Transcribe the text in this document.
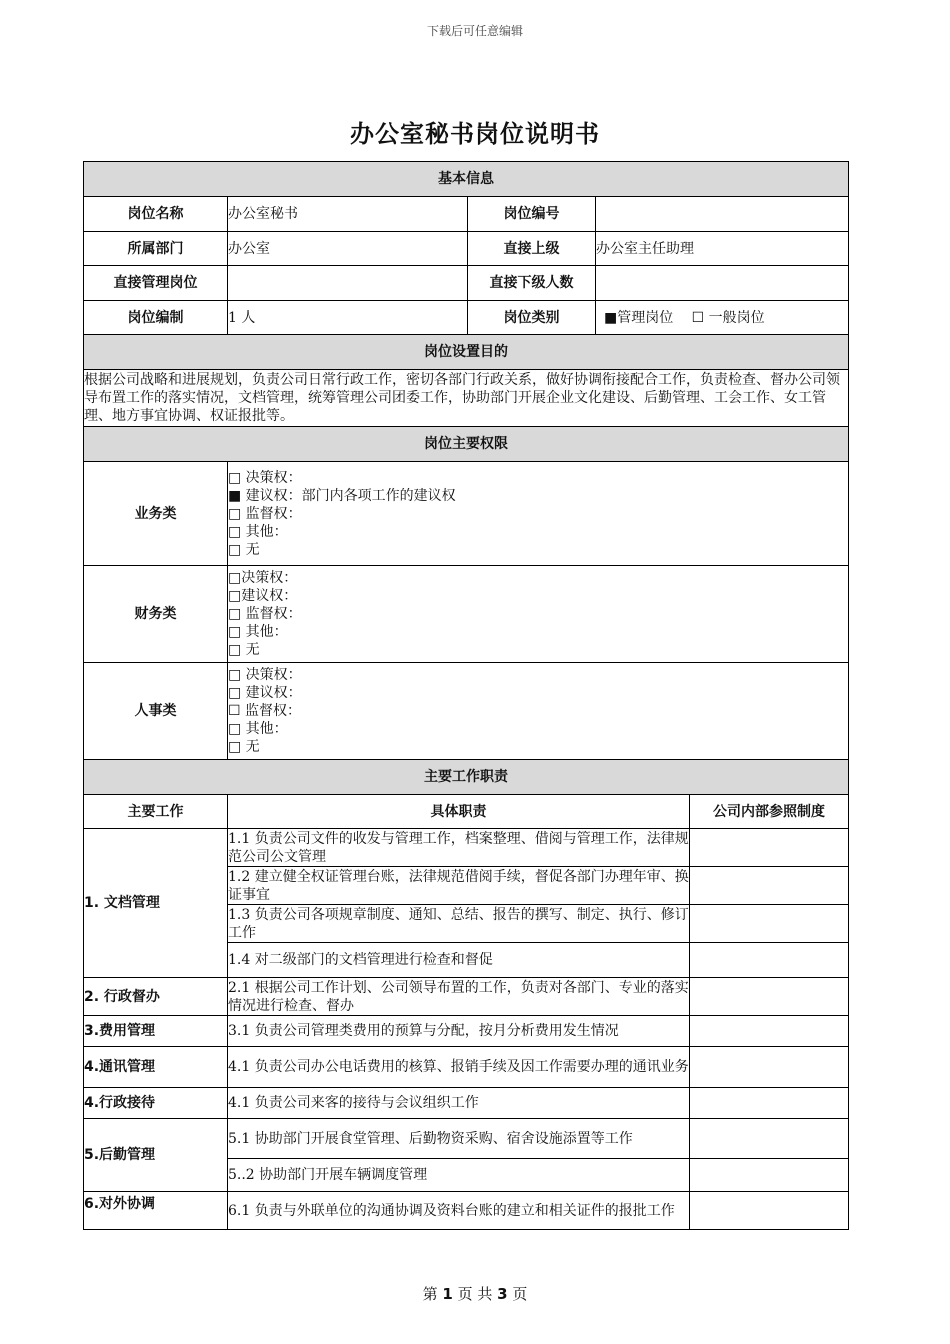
下载后可任意编辑
办公室秘书岗位说明书
基本信息				
岗位名称	办公室秘书	岗位编号		
所属部门	办公室	直接上级	办公室主任助理	
直接管理岗位		直接下级人数		
岗位编制	1 人	岗位类别	■管理岗位　 ☐ 一般岗位	
岗位设置目的				
根据公司战略和进展规划，负责公司日常行政工作，密切各部门行政关系，做好协调衔接配合工作，负责检查、督办公司领导布置工作的落实情况，文档管理，统筹管理公司团委工作，协助部门开展企业文化建设、后勤管理、工会工作、女工管理、地方事宜协调、权证报批等。				
岗位主要权限				
业务类	□ 决策权：
■ 建议权：部门内各项工作的建议权
□ 监督权：
□ 其他：
□ 无			

财务类	□决策权：
□建议权：
□ 监督权：
□ 其他：
□ 无			

人事类	□ 决策权：
□ 建议权：
☐ 监督权：
□ 其他：
□ 无			

主要工作职责				
主要工作	具体职责			公司内部参照制度
1. 文档管理	1.1 负责公司文件的收发与管理工作，档案整理、借阅与管理工作，法律规范公司公文管理			
	1.2 建立健全权证管理台账，法律规范借阅手续，督促各部门办理年审、换证事宜			
	1.3 负责公司各项规章制度、通知、总结、报告的撰写、制定、执行、修订工作			
	1.4 对二级部门的文档管理进行检查和督促			
2. 行政督办	2.1 根据公司工作计划、公司领导布置的工作，负责对各部门、专业的落实情况进行检查、督办			
3.费用管理	3.1 负责公司管理类费用的预算与分配，按月分析费用发生情况			
4.通讯管理	4.1 负责公司办公电话费用的核算、报销手续及因工作需要办理的通讯业务			
4.行政接待	4.1 负责公司来客的接待与会议组织工作			
5.后勤管理	5.1 协助部门开展食堂管理、后勤物资采购、宿舍设施添置等工作			
	5..2 协助部门开展车辆调度管理			
6.对外协调	6.1 负责与外联单位的沟通协调及资料台账的建立和相关证件的报批工作			
第 1 页 共 3 页
